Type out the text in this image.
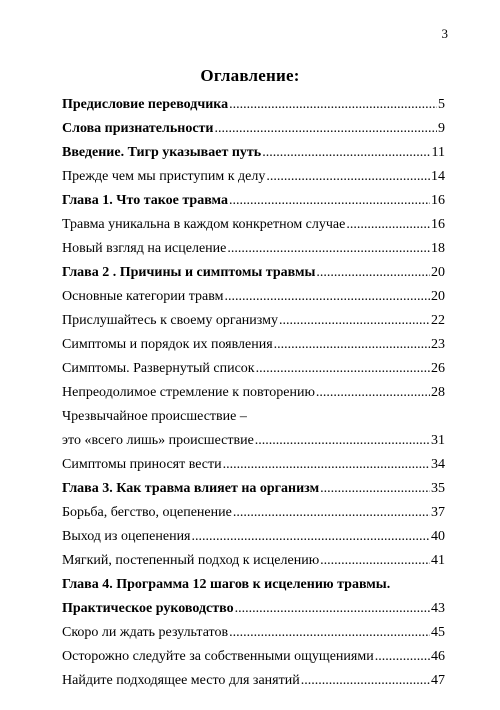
3
Оглавление:
Предисловие переводчика .....	5
Слова признательности .....	9
Введение. Тигр указывает путь .....	11
Прежде чем мы приступим к делу .....	14
Глава 1. Что такое травма .....	16
Травма уникальна в каждом конкретном случае .....	16
Новый взгляд на исцеление .....	18
Глава 2 . Причины и симптомы травмы .....	20
Основные категории травм .....	20
Прислушайтесь к своему организму .....	22
Симптомы и порядок их появления .....	23
Симптомы. Развернутый список .....	26
Непреодолимое стремление к повторению .....	28
Чрезвычайное происшествие –
это «всего лишь» происшествие .....	31
Симптомы приносят вести .....	34
Глава 3. Как травма влияет на организм .....	35
Борьба, бегство, оцепенение .....	37
Выход из оцепенения .....	40
Мягкий, постепенный подход к исцелению .....	41
Глава 4. Программа 12 шагов к исцелению травмы.
Практическое руководство .....	43
Скоро ли ждать результатов .....	45
Осторожно следуйте за собственными ощущениями .....	46
Найдите подходящее место для занятий .....	47
